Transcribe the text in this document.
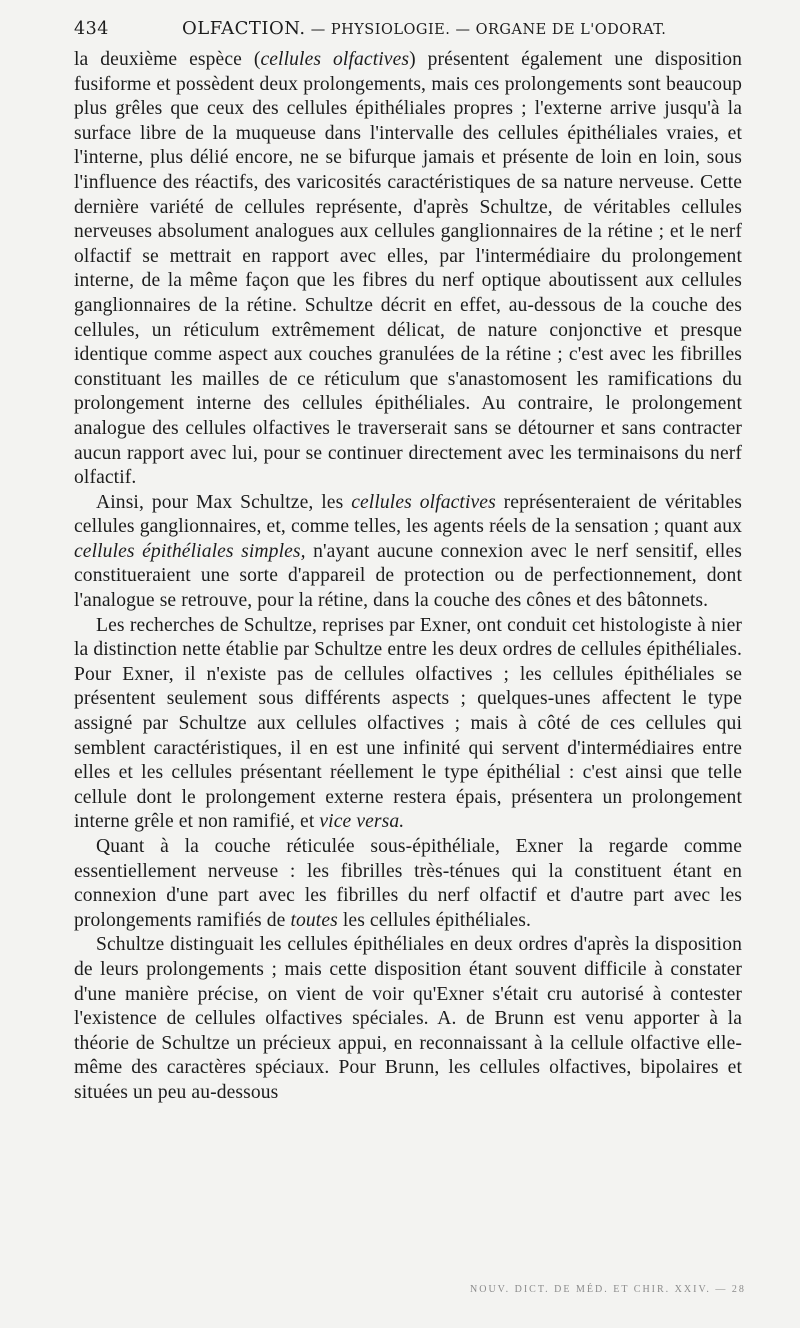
434	OLFACTION. — PHYSIOLOGIE. — ORGANE DE L'ODORAT.

la deuxième espèce (cellules olfactives) présentent également une disposition fusiforme et possèdent deux prolongements, mais ces prolongements sont beaucoup plus grêles que ceux des cellules épithéliales propres ; l'externe arrive jusqu'à la surface libre de la muqueuse dans l'intervalle des cellules épithéliales vraies, et l'interne, plus délié encore, ne se bifurque jamais et présente de loin en loin, sous l'influence des réactifs, des varicosités caractéristiques de sa nature nerveuse. Cette dernière variété de cellules représente, d'après Schultze, de véritables cellules nerveuses absolument analogues aux cellules ganglionnaires de la rétine ; et le nerf olfactif se mettrait en rapport avec elles, par l'intermédiaire du prolongement interne, de la même façon que les fibres du nerf optique aboutissent aux cellules ganglionnaires de la rétine. Schultze décrit en effet, au-dessous de la couche des cellules, un réticulum extrêmement délicat, de nature conjonctive et presque identique comme aspect aux couches granulées de la rétine ; c'est avec les fibrilles constituant les mailles de ce réticulum que s'anastomosent les ramifications du prolongement interne des cellules épithéliales. Au contraire, le prolongement analogue des cellules olfactives le traverserait sans se détourner et sans contracter aucun rapport avec lui, pour se continuer directement avec les terminaisons du nerf olfactif.

Ainsi, pour Max Schultze, les cellules olfactives représenteraient de véritables cellules ganglionnaires, et, comme telles, les agents réels de la sensation ; quant aux cellules épithéliales simples, n'ayant aucune connexion avec le nerf sensitif, elles constitueraient une sorte d'appareil de protection ou de perfectionnement, dont l'analogue se retrouve, pour la rétine, dans la couche des cônes et des bâtonnets.

Les recherches de Schultze, reprises par Exner, ont conduit cet histologiste à nier la distinction nette établie par Schultze entre les deux ordres de cellules épithéliales. Pour Exner, il n'existe pas de cellules olfactives ; les cellules épithéliales se présentent seulement sous différents aspects ; quelques-unes affectent le type assigné par Schultze aux cellules olfactives ; mais à côté de ces cellules qui semblent caractéristiques, il en est une infinité qui servent d'intermédiaires entre elles et les cellules présentant réellement le type épithélial : c'est ainsi que telle cellule dont le prolongement externe restera épais, présentera un prolongement interne grêle et non ramifié, et vice versa.

Quant à la couche réticulée sous-épithéliale, Exner la regarde comme essentiellement nerveuse : les fibrilles très-ténues qui la constituent étant en connexion d'une part avec les fibrilles du nerf olfactif et d'autre part avec les prolongements ramifiés de toutes les cellules épithéliales.

Schultze distinguait les cellules épithéliales en deux ordres d'après la disposition de leurs prolongements ; mais cette disposition étant souvent difficile à constater d'une manière précise, on vient de voir qu'Exner s'était cru autorisé à contester l'existence de cellules olfactives spéciales. A. de Brunn est venu apporter à la théorie de Schultze un précieux appui, en reconnaissant à la cellule olfactive elle-même des caractères spéciaux. Pour Brunn, les cellules olfactives, bipolaires et situées un peu au-dessous

NOUV. DICT. DE MÉD. ET CHIR. XXIV. — 28
